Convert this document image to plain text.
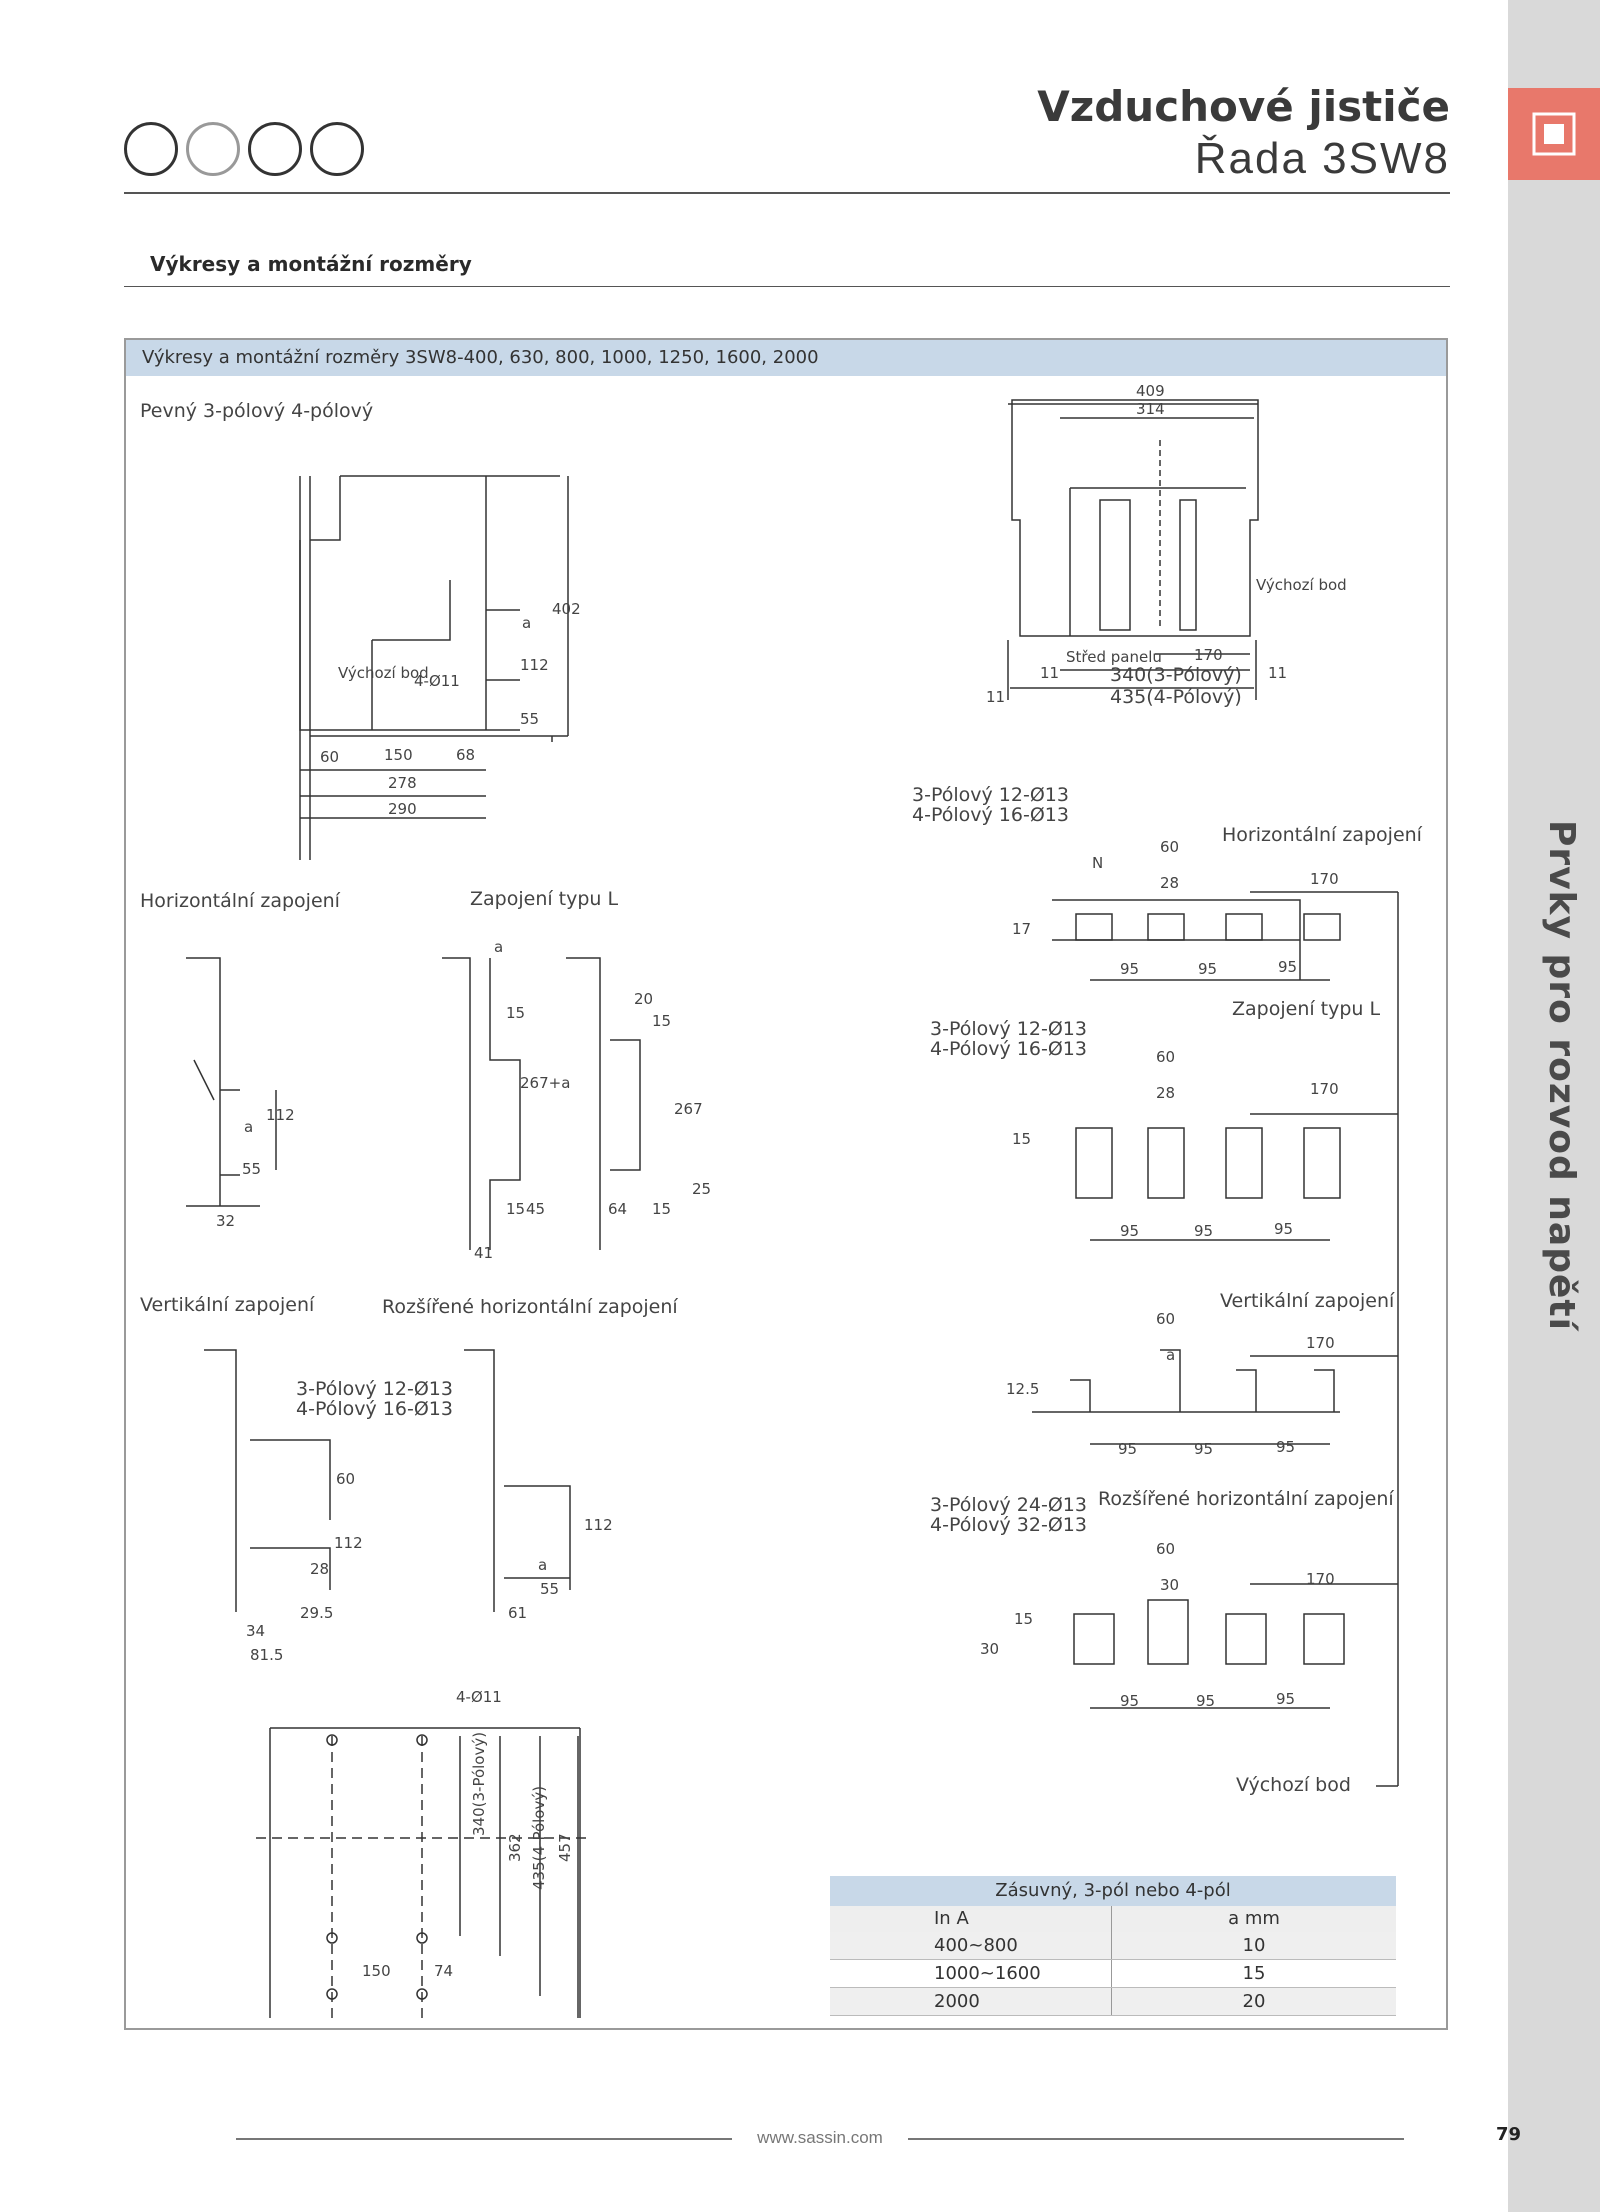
Prvky pro rozvod napětí
Vzduchové jističe
Řada 3SW8
Výkresy a montážní rozměry
Výkresy a montážní rozměry 3SW8-400, 630, 800, 1000, 1250, 1600, 2000
Pevný 3-pólový 4-pólový
Výchozí bod
4-Ø11
402
a
112
55
60	150	68
278
290
409
314
Výchozí bod
Střed panelu 170
340(3-Pólový)
435(4-Pólový)
11	11
11
Horizontální zapojení	Zapojení typu L
Vertikální zapojení	Rozšířené horizontální zapojení
a
112
55
32
a
15
267+a
15 45
41
20
15
267
64 15
25
3-Pólový 12-Ø13
4-Pólový 16-Ø13
60
112
28
29.5
34
81.5
112
a
55
61
4-Ø11
340(3-Pólový)
362 435(4-Pólový) 457
150	74
3-Pólový 12-Ø13
4-Pólový 16-Ø13
Horizontální zapojení
N
60
28	170
17
95	95	95
Zapojení typu L
3-Pólový 12-Ø13
4-Pólový 16-Ø13	60
28	170
15
95	95	95
Vertikální zapojení
60
a
170
12.5
95	95	95
3-Pólový 24-Ø13
4-Pólový 32-Ø13
Rozšířené horizontální zapojení
60
30	170
15
30
95	95	95
Výchozí bod
Zásuvný, 3-pól nebo 4-pól
In A	a mm
400~800	10
1000~1600	15
2000	20
www.sassin.com	79
